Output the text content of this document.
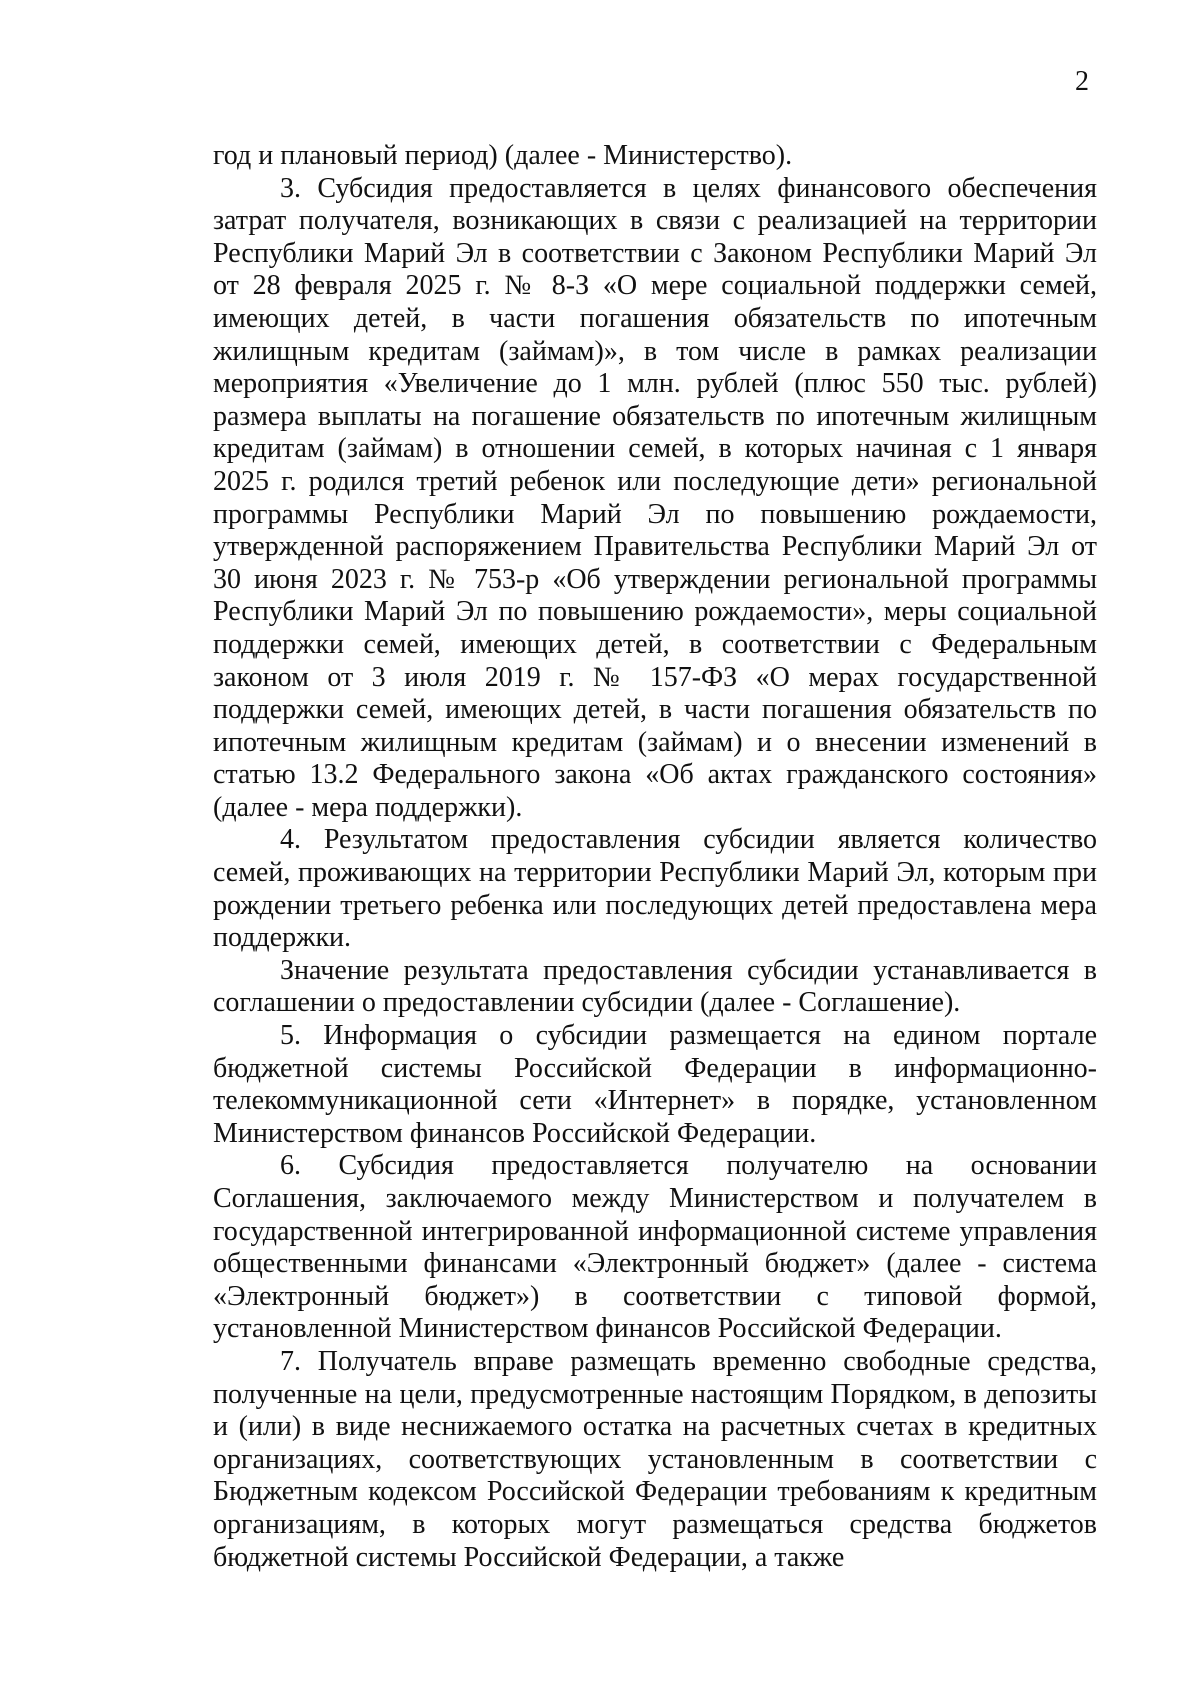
2

год и плановый период) (далее - Министерство).

3. Субсидия предоставляется в целях финансового обеспечения затрат получателя, возникающих в связи с реализацией на территории Республики Марий Эл в соответствии с Законом Республики Марий Эл от 28 февраля 2025 г. № 8-З «О мере социальной поддержки семей, имеющих детей, в части погашения обязательств по ипотечным жилищным кредитам (займам)», в том числе в рамках реализации мероприятия «Увеличение до 1 млн. рублей (плюс 550 тыс. рублей) размера выплаты на погашение обязательств по ипотечным жилищным кредитам (займам) в отношении семей, в которых начиная с 1 января 2025 г. родился третий ребенок или последующие дети» региональной программы Республики Марий Эл по повышению рождаемости, утвержденной распоряжением Правительства Республики Марий Эл от 30 июня 2023 г. № 753-р «Об утверждении региональной программы Республики Марий Эл по повышению рождаемости», меры социальной поддержки семей, имеющих детей, в соответствии с Федеральным законом от 3 июля 2019 г. № 157-ФЗ «О мерах государственной поддержки семей, имеющих детей, в части погашения обязательств по ипотечным жилищным кредитам (займам) и о внесении изменений в статью 13.2 Федерального закона «Об актах гражданского состояния» (далее - мера поддержки).

4. Результатом предоставления субсидии является количество семей, проживающих на территории Республики Марий Эл, которым при рождении третьего ребенка или последующих детей предоставлена мера поддержки.

Значение результата предоставления субсидии устанавливается в соглашении о предоставлении субсидии (далее - Соглашение).

5. Информация о субсидии размещается на едином портале бюджетной системы Российской Федерации в информационно-телекоммуникационной сети «Интернет» в порядке, установленном Министерством финансов Российской Федерации.

6. Субсидия предоставляется получателю на основании Соглашения, заключаемого между Министерством и получателем в государственной интегрированной информационной системе управления общественными финансами «Электронный бюджет» (далее - система «Электронный бюджет») в соответствии с типовой формой, установленной Министерством финансов Российской Федерации.

7. Получатель вправе размещать временно свободные средства, полученные на цели, предусмотренные настоящим Порядком, в депозиты и (или) в виде неснижаемого остатка на расчетных счетах в кредитных организациях, соответствующих установленным в соответствии с Бюджетным кодексом Российской Федерации требованиям к кредитным организациям, в которых могут размещаться средства бюджетов бюджетной системы Российской Федерации, а также
